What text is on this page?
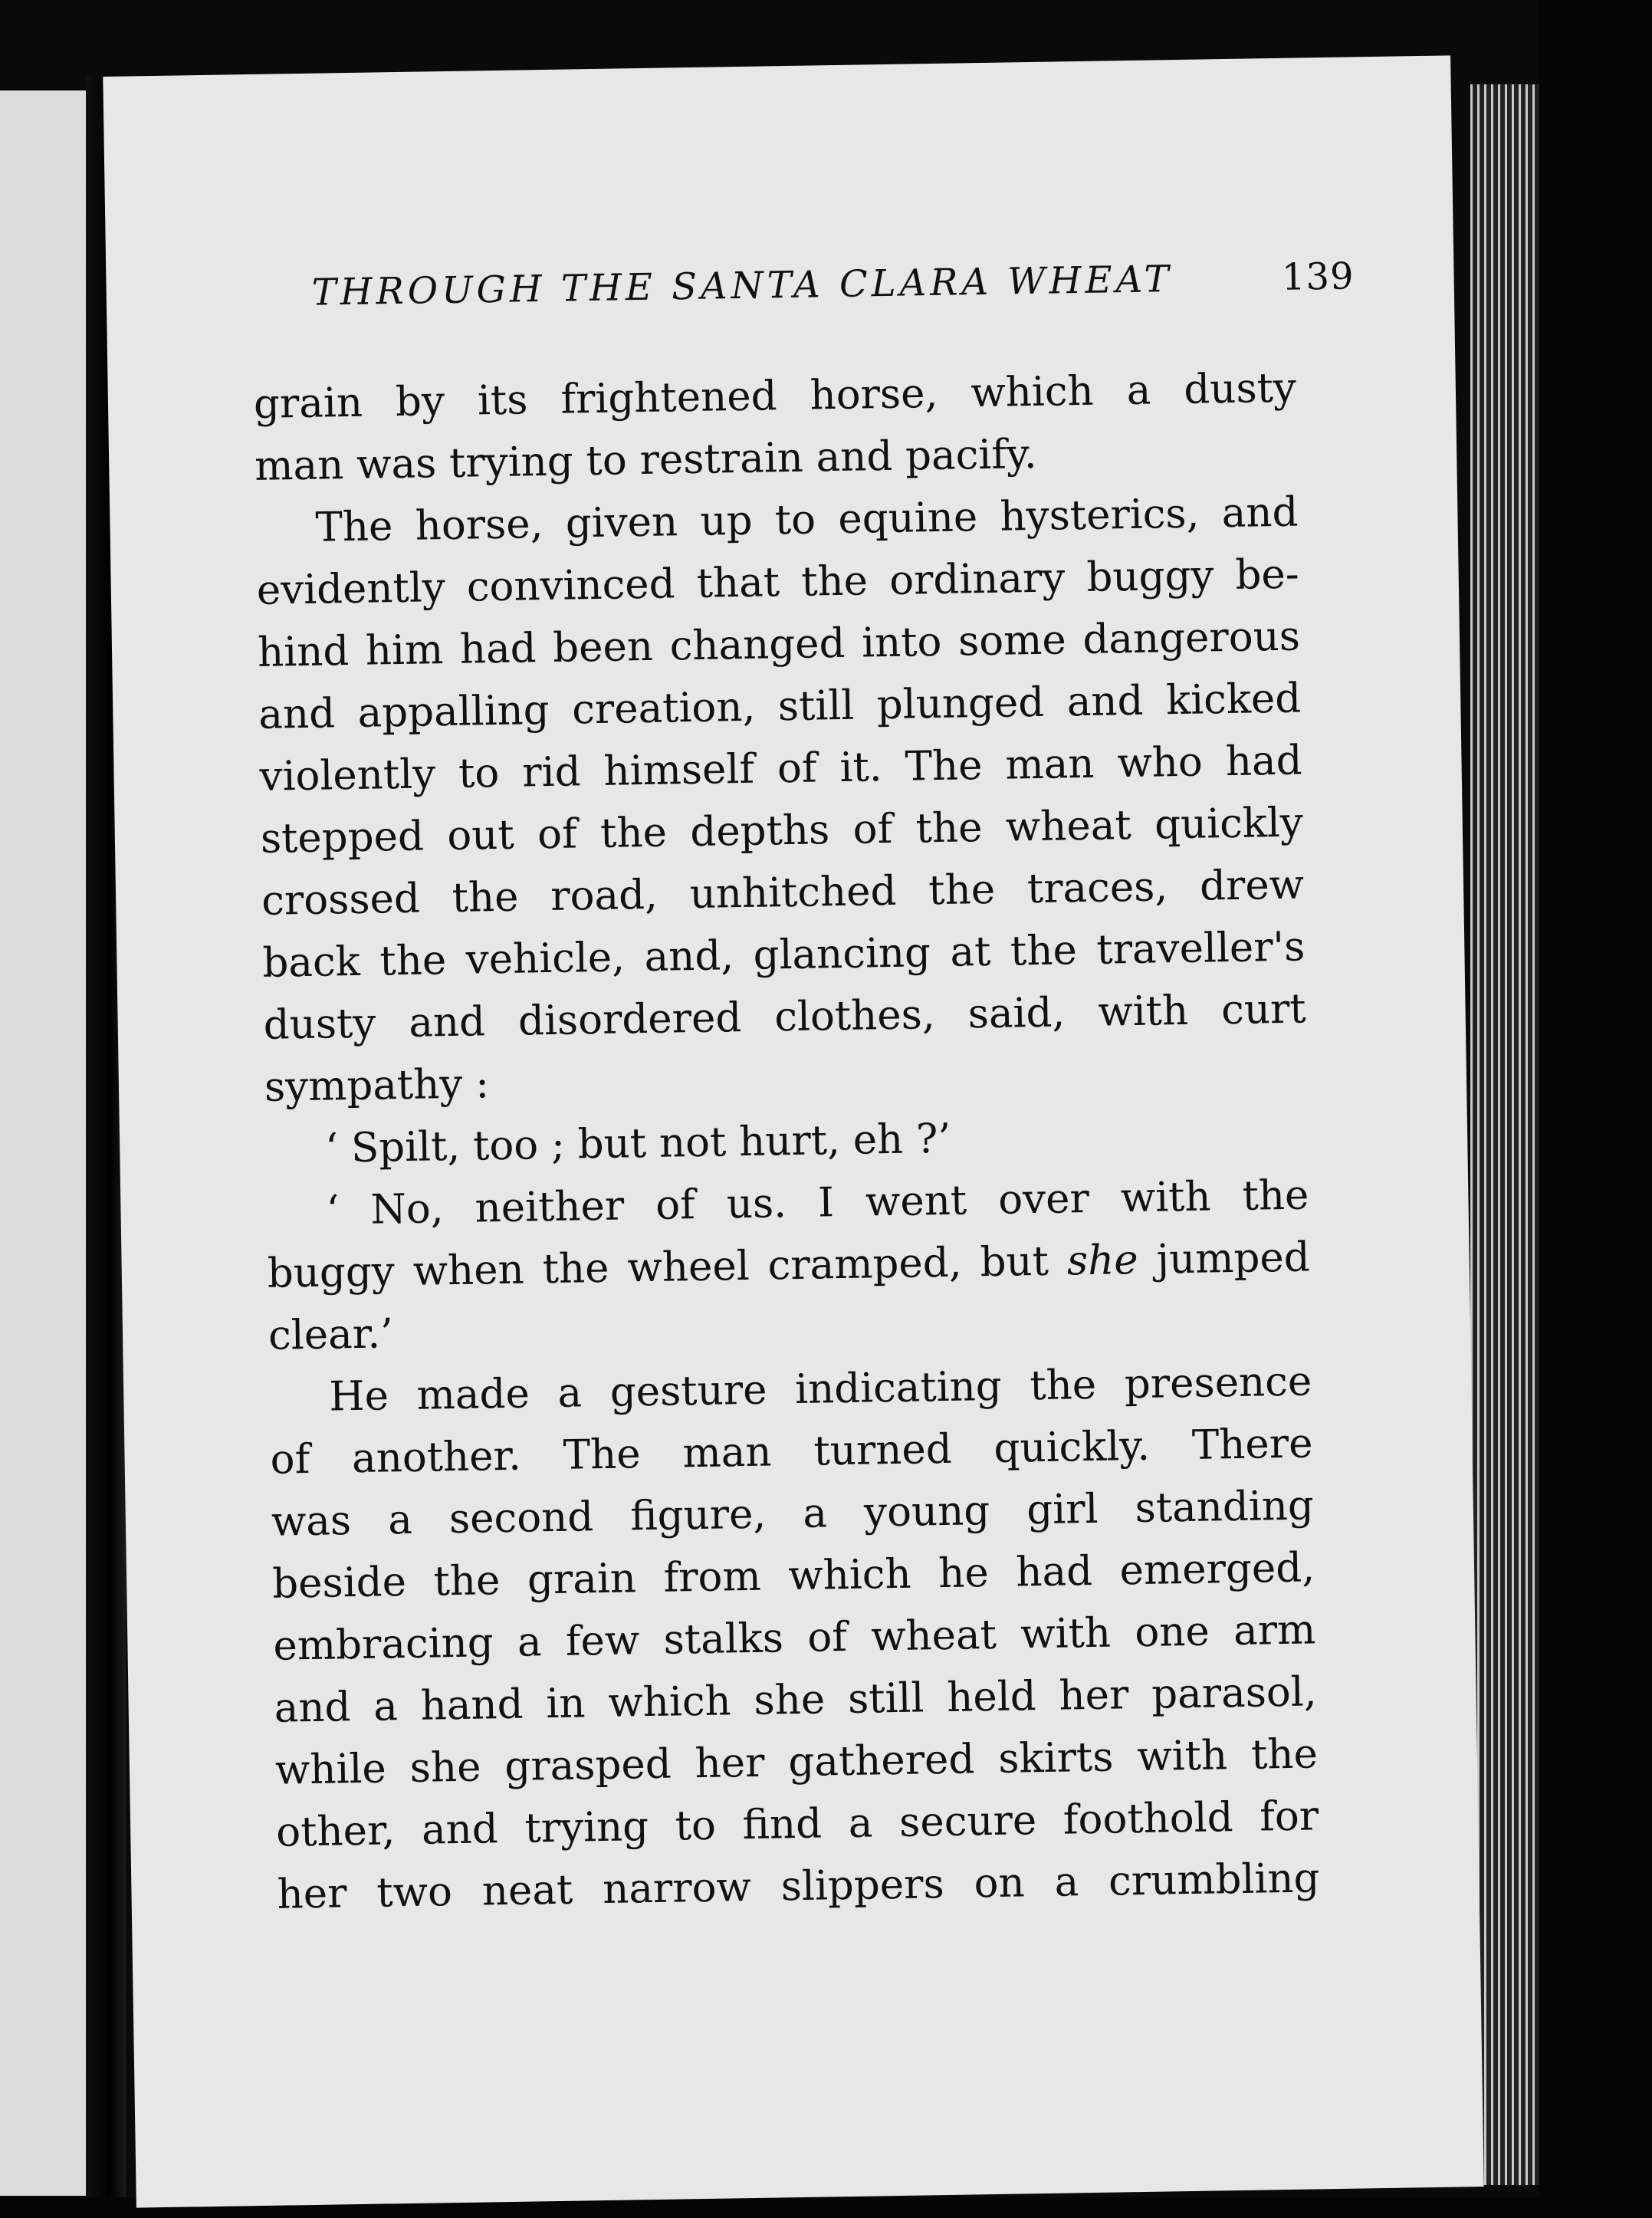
THROUGH THE SANTA CLARA WHEAT	139
grain by its frightened horse, which a dusty
man was trying to restrain and pacify.
The horse, given up to equine hysterics, and
evidently convinced that the ordinary buggy be-
hind him had been changed into some dangerous
and appalling creation, still plunged and kicked
violently to rid himself of it. The man who had
stepped out of the depths of the wheat quickly
crossed the road, unhitched the traces, drew
back the vehicle, and, glancing at the traveller's
dusty and disordered clothes, said, with curt
sympathy :
‘ Spilt, too ; but not hurt, eh ?’
‘ No, neither of us. I went over with the
buggy when the wheel cramped, but she jumped
clear.’
He made a gesture indicating the presence
of another. The man turned quickly. There
was a second figure, a young girl standing
beside the grain from which he had emerged,
embracing a few stalks of wheat with one arm
and a hand in which she still held her parasol,
while she grasped her gathered skirts with the
other, and trying to find a secure foothold for
her two neat narrow slippers on a crumbling
